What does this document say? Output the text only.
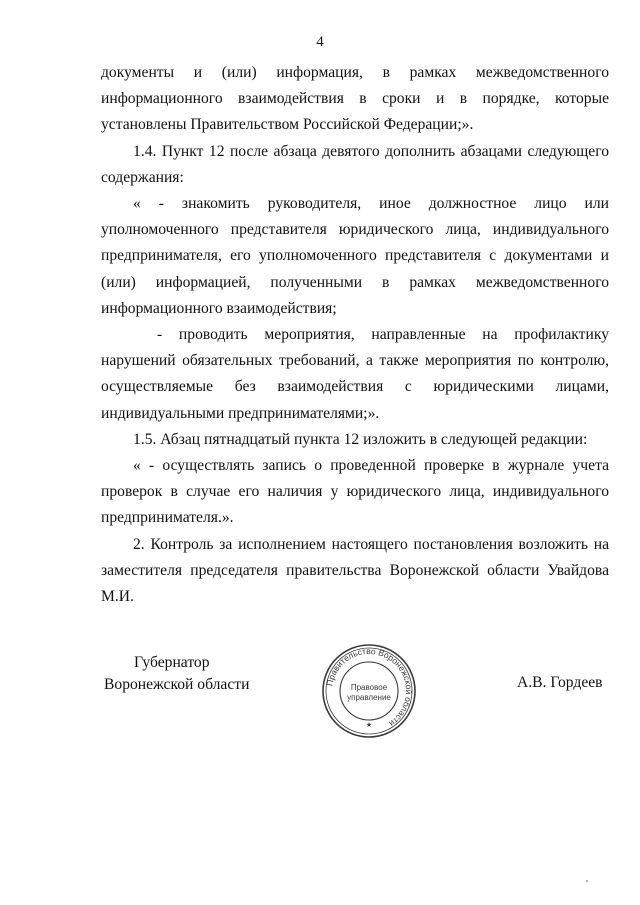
4

документы и (или) информация, в рамках межведомственного информационного взаимодействия в сроки и в порядке, которые установлены Правительством Российской Федерации;».

1.4. Пункт 12 после абзаца девятого дополнить абзацами следующего содержания:

« - знакомить руководителя, иное должностное лицо или уполномоченного представителя юридического лица, индивидуального предпринимателя, его уполномоченного представителя с документами и (или) информацией, полученными в рамках межведомственного информационного взаимодействия;

- проводить мероприятия, направленные на профилактику нарушений обязательных требований, а также мероприятия по контролю, осуществляемые без взаимодействия с юридическими лицами, индивидуальными предпринимателями;».

1.5. Абзац пятнадцатый пункта 12 изложить в следующей редакции:

« - осуществлять запись о проведенной проверке в журнале учета проверок в случае его наличия у юридического лица, индивидуального предпринимателя.».

2. Контроль за исполнением настоящего постановления возложить на заместителя председателя правительства Воронежской области Увайдова М.И.

Губернатор
Воронежской области	А.В. Гордеев
Правительство Воронежской области
Правовое
управление
★
